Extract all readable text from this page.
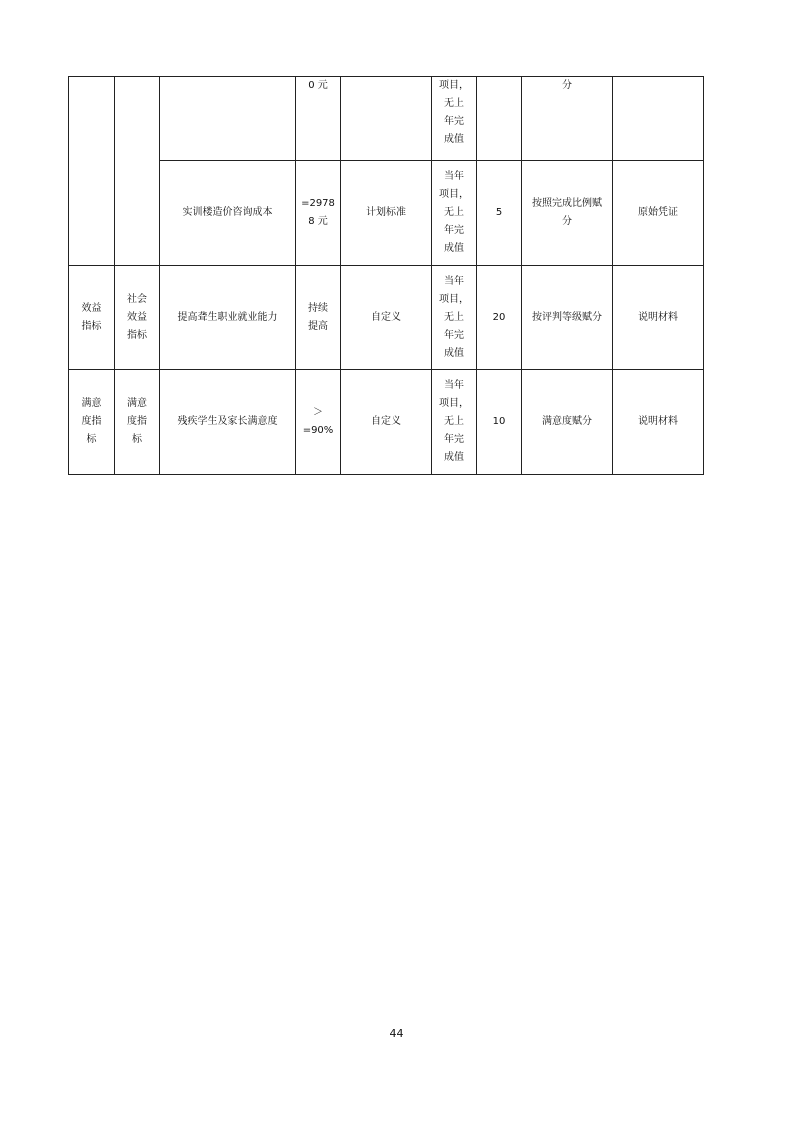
			0 元		项目，
无上
年完
成值		分	

		实训楼造价咨询成本	=2978
8 元	计划标准	当年
项目，
无上
年完
成值	5	按照完成比例赋
分	原始凭证

效益
指标	社会
效益
指标	提高聋生职业就业能力	持续
提高	自定义	当年
项目，
无上
年完
成值	20	按评判等级赋分	说明材料

满意
度指
标	满意
度指
标	残疾学生及家长满意度	＞
=90%	自定义	当年
项目，
无上
年完
成值	10	满意度赋分	说明材料
44
